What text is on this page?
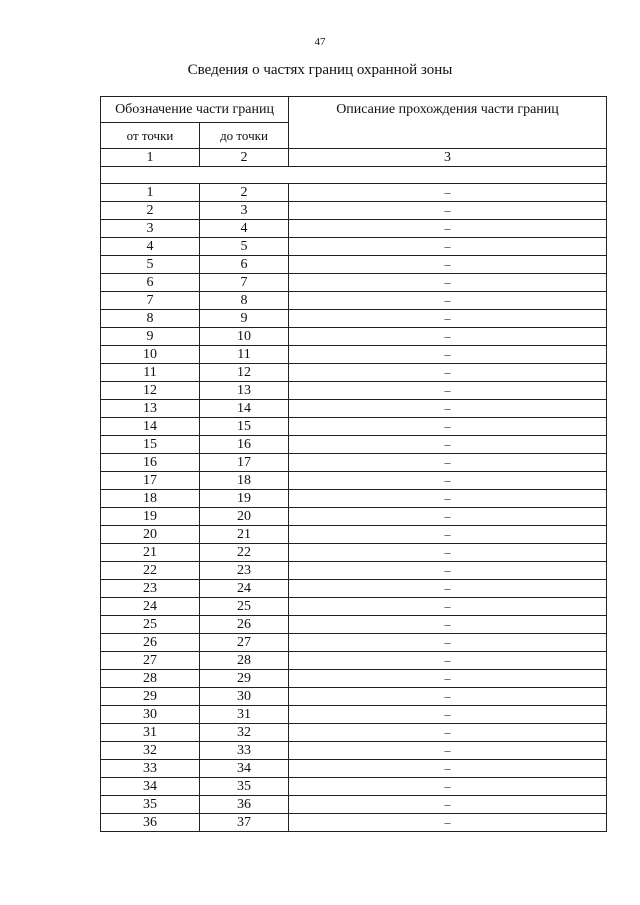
47
Сведения о частях границ охранной зоны
Обозначение части границ		Описание прохождения части границ
от точки	до точки	
1	2	3

1	2	–
2	3	–
3	4	–
4	5	–
5	6	–
6	7	–
7	8	–
8	9	–
9	10	–
10	11	–
11	12	–
12	13	–
13	14	–
14	15	–
15	16	–
16	17	–
17	18	–
18	19	–
19	20	–
20	21	–
21	22	–
22	23	–
23	24	–
24	25	–
25	26	–
26	27	–
27	28	–
28	29	–
29	30	–
30	31	–
31	32	–
32	33	–
33	34	–
34	35	–
35	36	–
36	37	–
